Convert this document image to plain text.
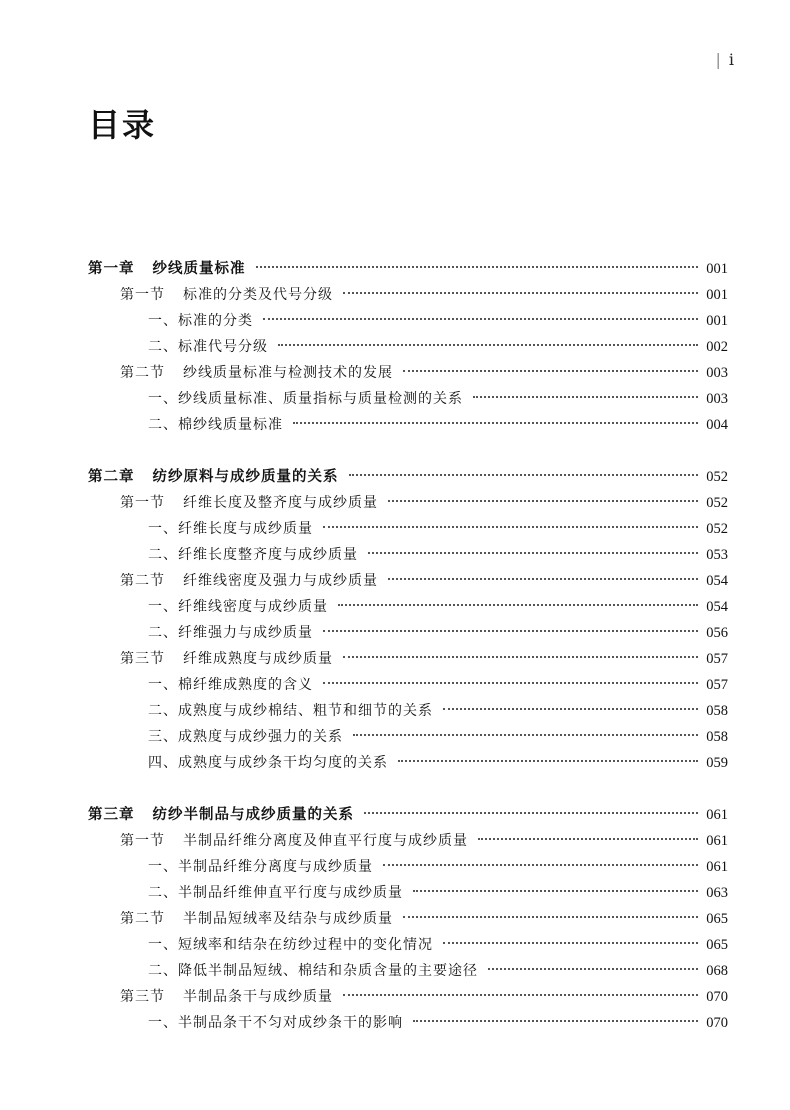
| i
目录
第一章 纱线质量标准	001
第一节 标准的分类及代号分级	001
一、标准的分类	001
二、标准代号分级	002
第二节 纱线质量标准与检测技术的发展	003
一、纱线质量标准、质量指标与质量检测的关系	003
二、棉纱线质量标准	004
第二章 纺纱原料与成纱质量的关系	052
第一节 纤维长度及整齐度与成纱质量	052
一、纤维长度与成纱质量	052
二、纤维长度整齐度与成纱质量	053
第二节 纤维线密度及强力与成纱质量	054
一、纤维线密度与成纱质量	054
二、纤维强力与成纱质量	056
第三节 纤维成熟度与成纱质量	057
一、棉纤维成熟度的含义	057
二、成熟度与成纱棉结、粗节和细节的关系	058
三、成熟度与成纱强力的关系	058
四、成熟度与成纱条干均匀度的关系	059
第三章 纺纱半制品与成纱质量的关系	061
第一节 半制品纤维分离度及伸直平行度与成纱质量	061
一、半制品纤维分离度与成纱质量	061
二、半制品纤维伸直平行度与成纱质量	063
第二节 半制品短绒率及结杂与成纱质量	065
一、短绒率和结杂在纺纱过程中的变化情况	065
二、降低半制品短绒、棉结和杂质含量的主要途径	068
第三节 半制品条干与成纱质量	070
一、半制品条干不匀对成纱条干的影响	070
